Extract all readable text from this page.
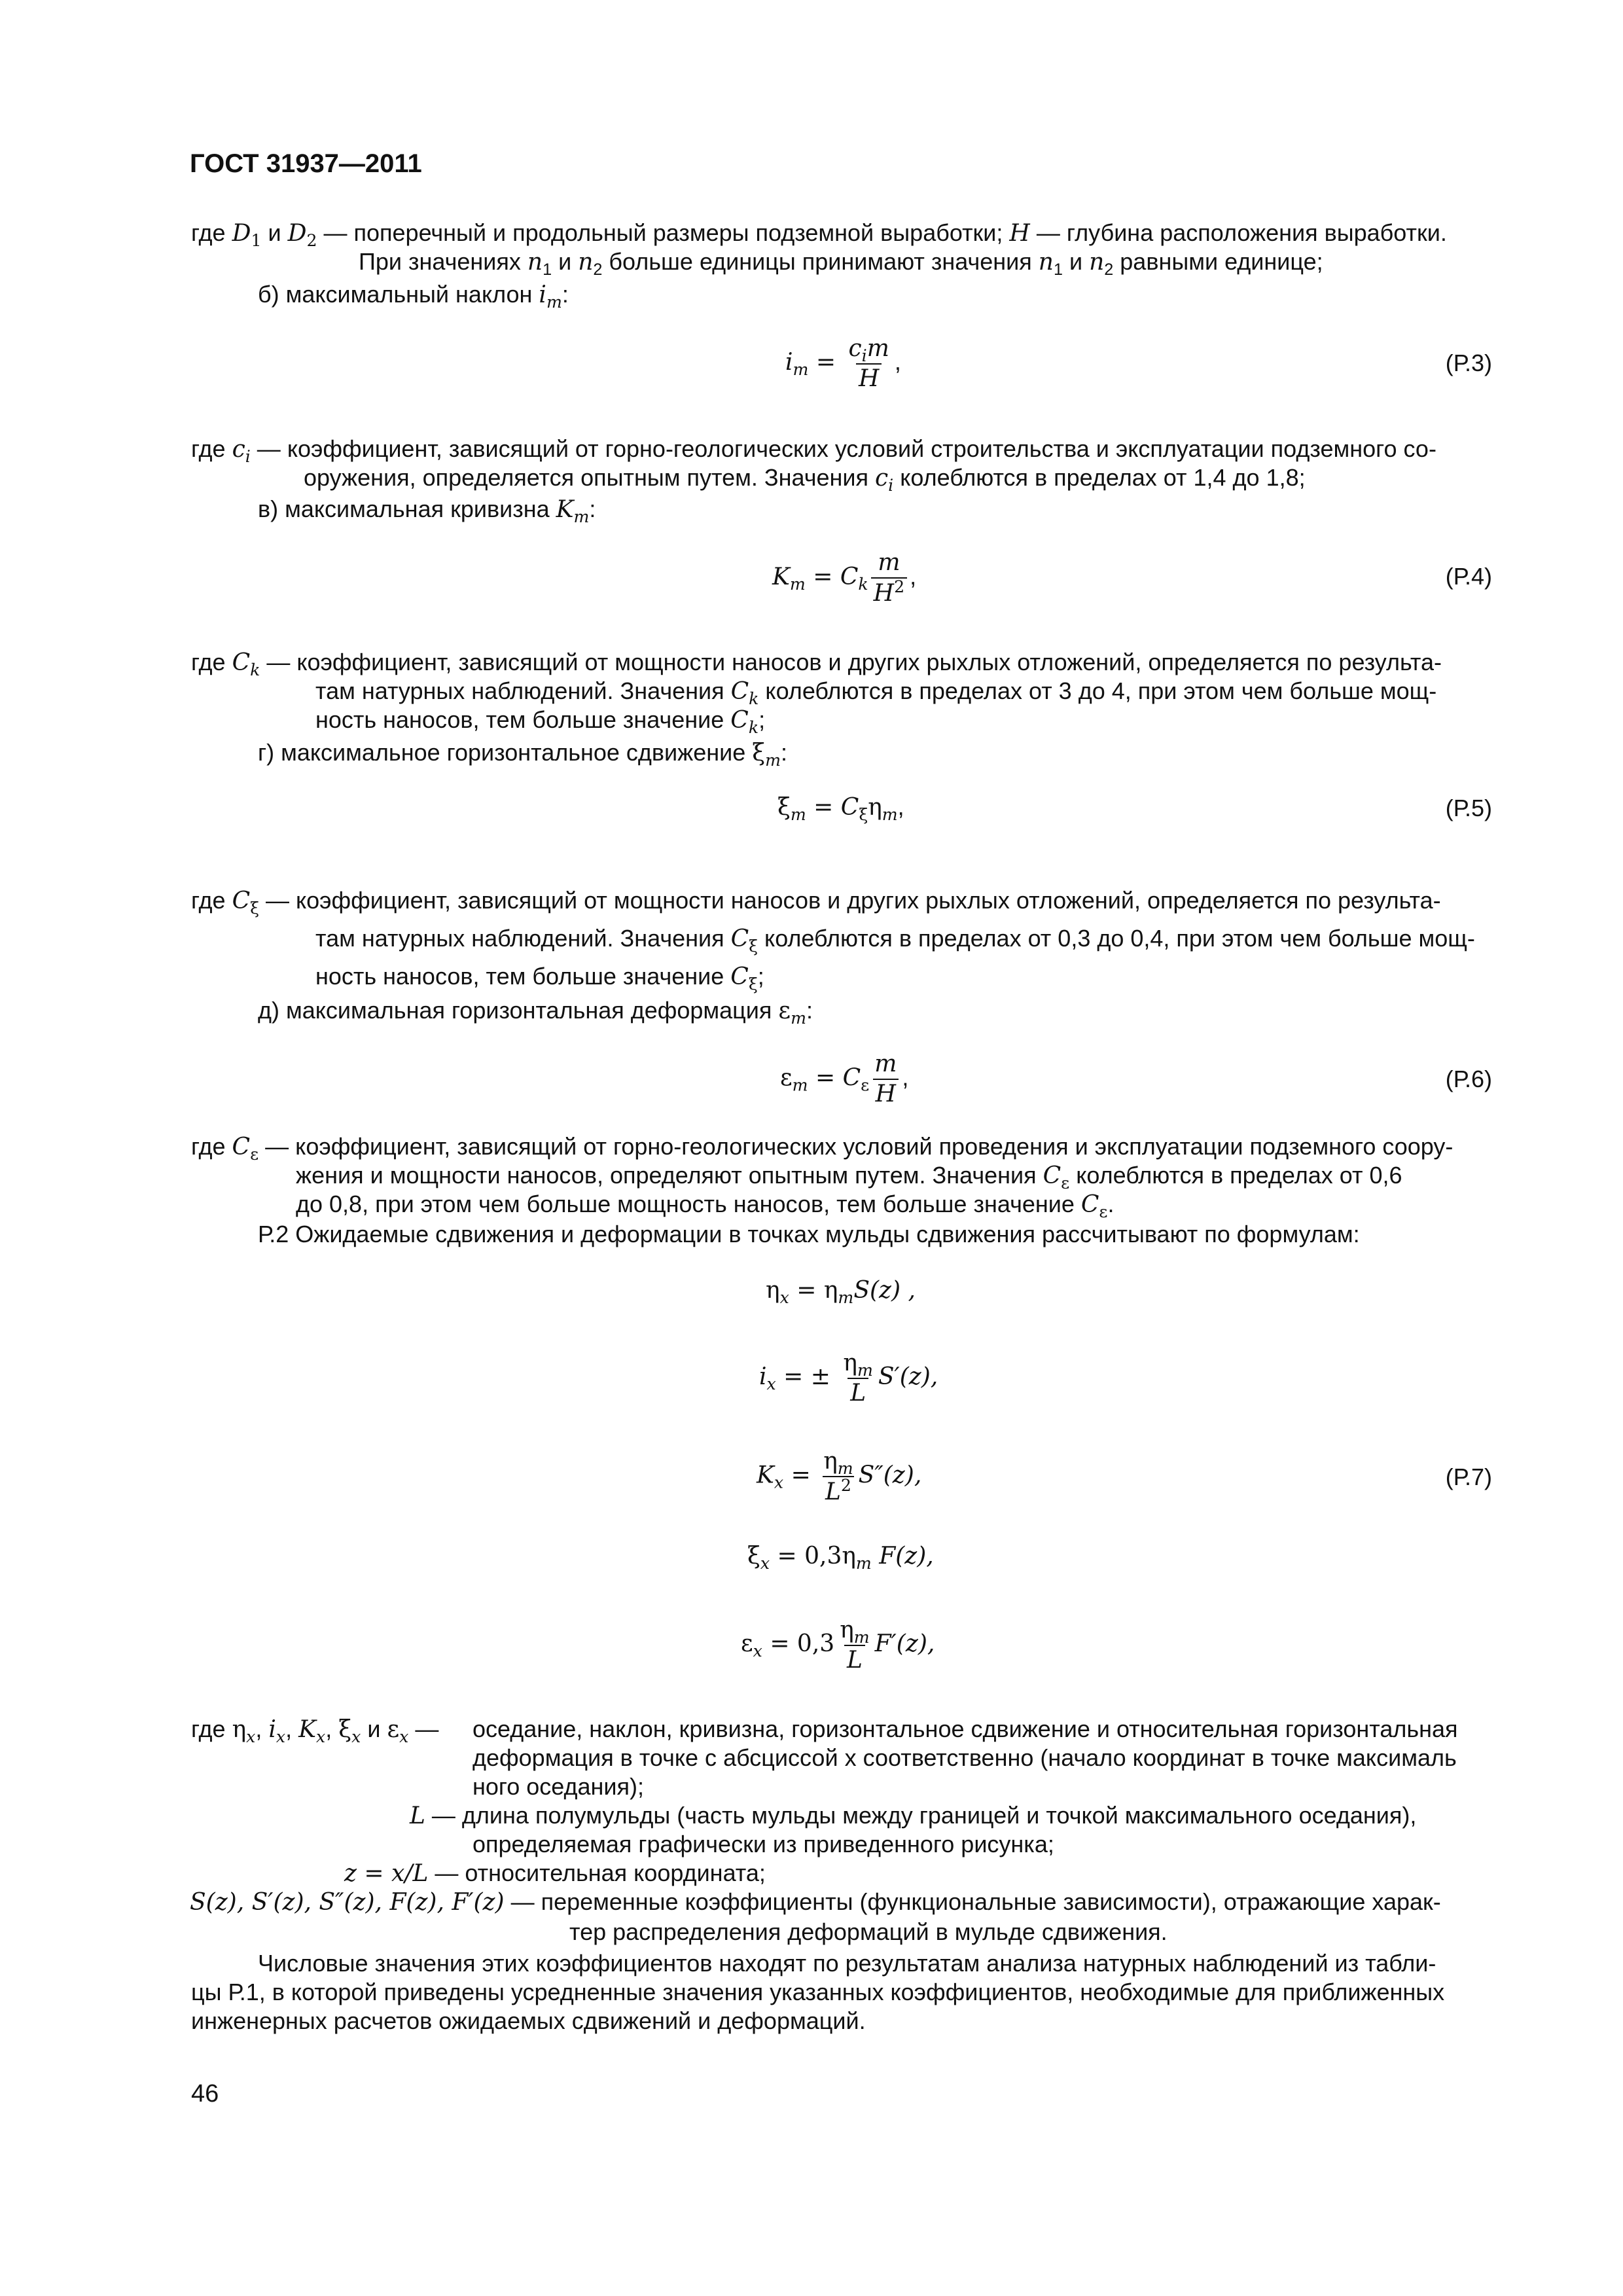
ГОСТ 31937—2011
где $D_1$ и $D_2$ — поперечный и продольный размеры подземной выработки; H — глубина расположения выработки.
При значениях $n_1$ и $n_2$ больше единицы принимают значения $n_1$ и $n_2$ равными единице;
б) максимальный наклон $i_m$:
$i_m = \frac{c_im}{H}$ ,	(Р.3)
где $c_i$ — коэффициент, зависящий от горно-геологических условий строительства и эксплуатации подземного со-
оружения, определяется опытным путем. Значения $c_i$ колеблются в пределах от 1,4 до 1,8;
в) максимальная кривизна $K_m$:
$K_m = C_k \frac{m}{H^2}$ ,	(Р.4)
где $C_k$ — коэффициент, зависящий от мощности наносов и других рыхлых отложений, определяется по результа-
там натурных наблюдений. Значения $C_k$ колеблются в пределах от 3 до 4, при этом чем больше мощ-
ность наносов, тем больше значение $C_k$;
г) максимальное горизонтальное сдвижение $\xi_m$:
$\xi_m = C_\xi\eta_m$,	(Р.5)
где $C_\xi$ — коэффициент, зависящий от мощности наносов и других рыхлых отложений, определяется по результа-
там натурных наблюдений. Значения $C_\xi$ колеблются в пределах от 0,3 до 0,4, при этом чем больше мощ-
ность наносов, тем больше значение $C_\xi$;
д) максимальная горизонтальная деформация $\varepsilon_m$:
$\varepsilon_m = C_\varepsilon \frac{m}{H}$ ,	(Р.6)
где $C_\varepsilon$ — коэффициент, зависящий от горно-геологических условий проведения и эксплуатации подземного соору-
жения и мощности наносов, определяют опытным путем. Значения $C_\varepsilon$ колеблются в пределах от 0,6
до 0,8, при этом чем больше мощность наносов, тем больше значение $C_\varepsilon$.
Р.2 Ожидаемые сдвижения и деформации в точках мульды сдвижения рассчитывают по формулам:
$\eta_x = \eta_mS(z)$ ,
$i_x$ = ± $\frac{\eta_m}{L} S'(z)$,
$K_x = \frac{\eta_m}{L^2} S''(z)$,	(Р.7)
$\xi_x = 0,3\eta_m$ F(z),
$\varepsilon_x = 0,3 \frac{\eta_m}{L} F'(z)$,
где $\eta_x$, $i_x$, $K_x$, $\xi_x$ и $\varepsilon_x$ — оседание, наклон, кривизна, горизонтальное сдвижение и относительная горизонтальная
деформация в точке с абсциссой x соответственно (начало координат в точке максималь
ного оседания);
L — длина полумульды (часть мульды между границей и точкой максимального оседания),
определяемая графически из приведенного рисунка;
z = x/L — относительная координата;
S(z), S′(z), S″(z), F(z), F′(z) — переменные коэффициенты (функциональные зависимости), отражающие харак-
тер распределения деформаций в мульде сдвижения.
Числовые значения этих коэффициентов находят по результатам анализа натурных наблюдений из табли-
цы Р.1, в которой приведены усредненные значения указанных коэффициентов, необходимые для приближенных
инженерных расчетов ожидаемых сдвижений и деформаций.
46
